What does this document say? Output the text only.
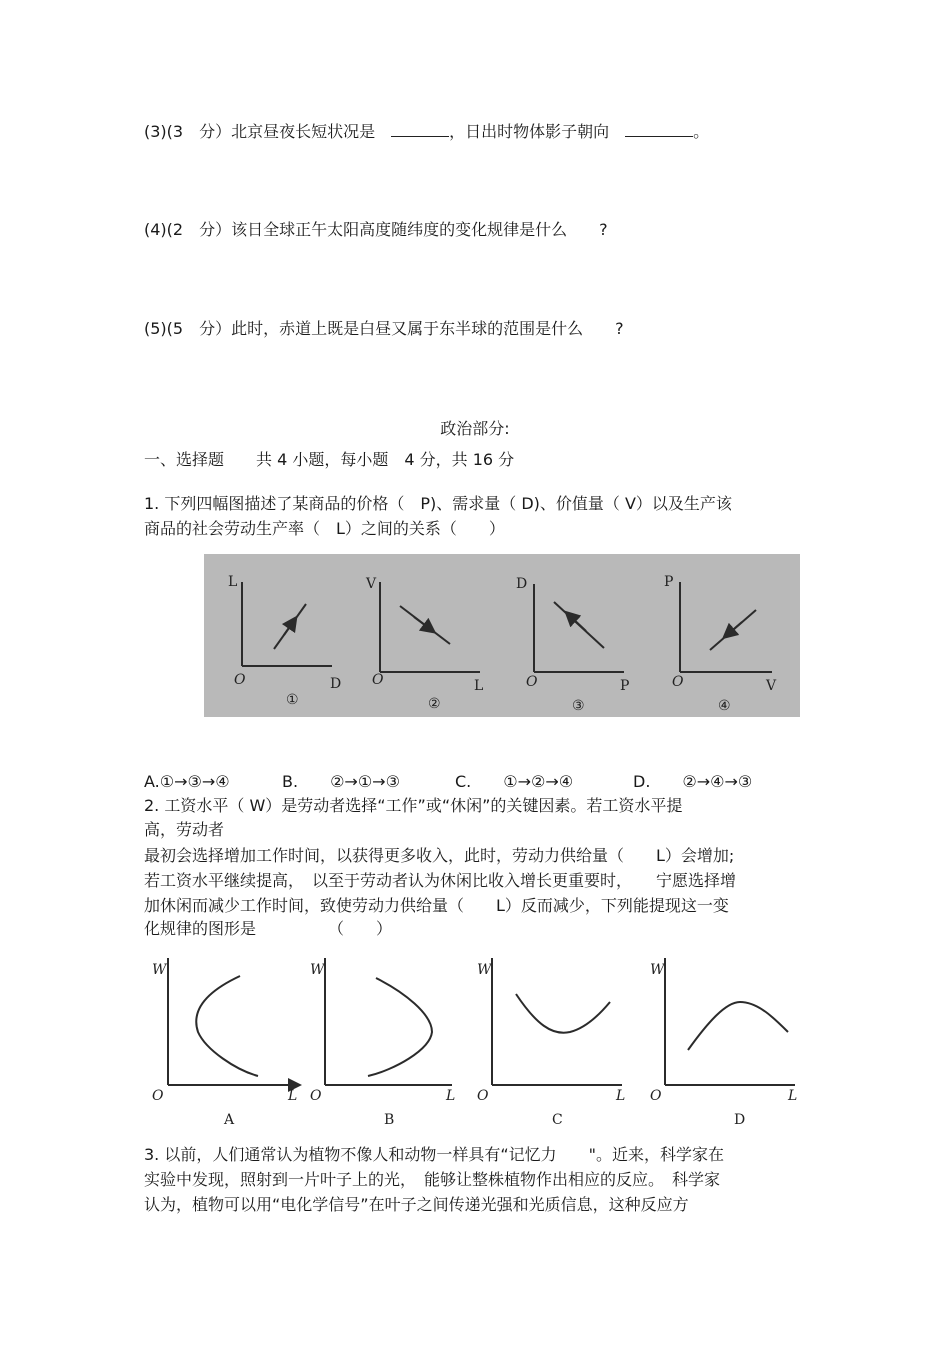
(3)(3　分）北京昼夜长短状况是　	，日出时物体影子朝向　	。
(4)(2　分）该日全球正午太阳高度随纬度的变化规律是什么　　?
(5)(5　分）此时，赤道上既是白昼又属于东半球的范围是什么　　?
政治部分:
一、选择题　　共 4 小题，每小题　4 分，共 16 分
1. 下列四幅图描述了某商品的价格（　P)、需求量（ D)、价值量（ V）以及生产该
商品的社会劳动生产率（　L）之间的关系（　　）
L
D
O
①
V
L
O
②
D
P
O
③
P
V
O
④
A.①→③→④	B.　　②→①→③	C.　　①→②→④	D.　　②→④→③
2. 工资水平（ W）是劳动者选择“工作”或“休闲”的关键因素。若工资水平提
高，劳动者
最初会选择增加工作时间，以获得更多收入，此时，劳动力供给量（　　L）会增加;
若工资水平继续提高，　以至于劳动者认为休闲比收入增长更重要时，　　宁愿选择增
加休闲而减少工作时间，致使劳动力供给量（　　L）反而减少，下列能提现这一变
化规律的图形是　　　　　（　　）
W
L
O
A
W
L
O
B
W
L
O
C
W
L
O
D
3. 以前，人们通常认为植物不像人和动物一样具有“记忆力　　"。近来，科学家在
实验中发现，照射到一片叶子上的光，　能够让整株植物作出相应的反应。　科学家
认为，植物可以用“电化学信号”在叶子之间传递光强和光质信息，这种反应方
